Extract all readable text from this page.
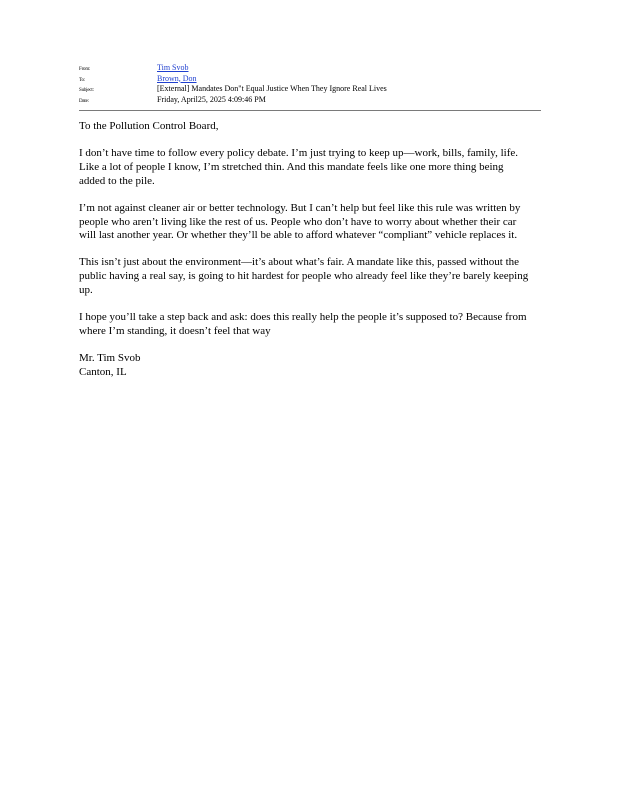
From:	Tim Svob
To:	Brown, Don
Subject:	[External] Mandates Don"t Equal Justice When They Ignore Real Lives
Date:	Friday, April25, 2025 4:09:46 PM

To the Pollution Control Board,

I don’t have time to follow every policy debate. I’m just trying to keep up—work, bills, family, life. Like a lot of people I know, I’m stretched thin. And this mandate feels like one more thing being added to the pile.

I’m not against cleaner air or better technology. But I can’t help but feel like this rule was written by people who aren’t living like the rest of us. People who don’t have to worry about whether their car will last another year. Or whether they’ll be able to afford whatever “compliant” vehicle replaces it.

This isn’t just about the environment—it’s about what’s fair. A mandate like this, passed without the public having a real say, is going to hit hardest for people who already feel like they’re barely keeping up.

I hope you’ll take a step back and ask: does this really help the people it’s supposed to? Because from where I’m standing, it doesn’t feel that way

Mr. Tim Svob
Canton, IL
